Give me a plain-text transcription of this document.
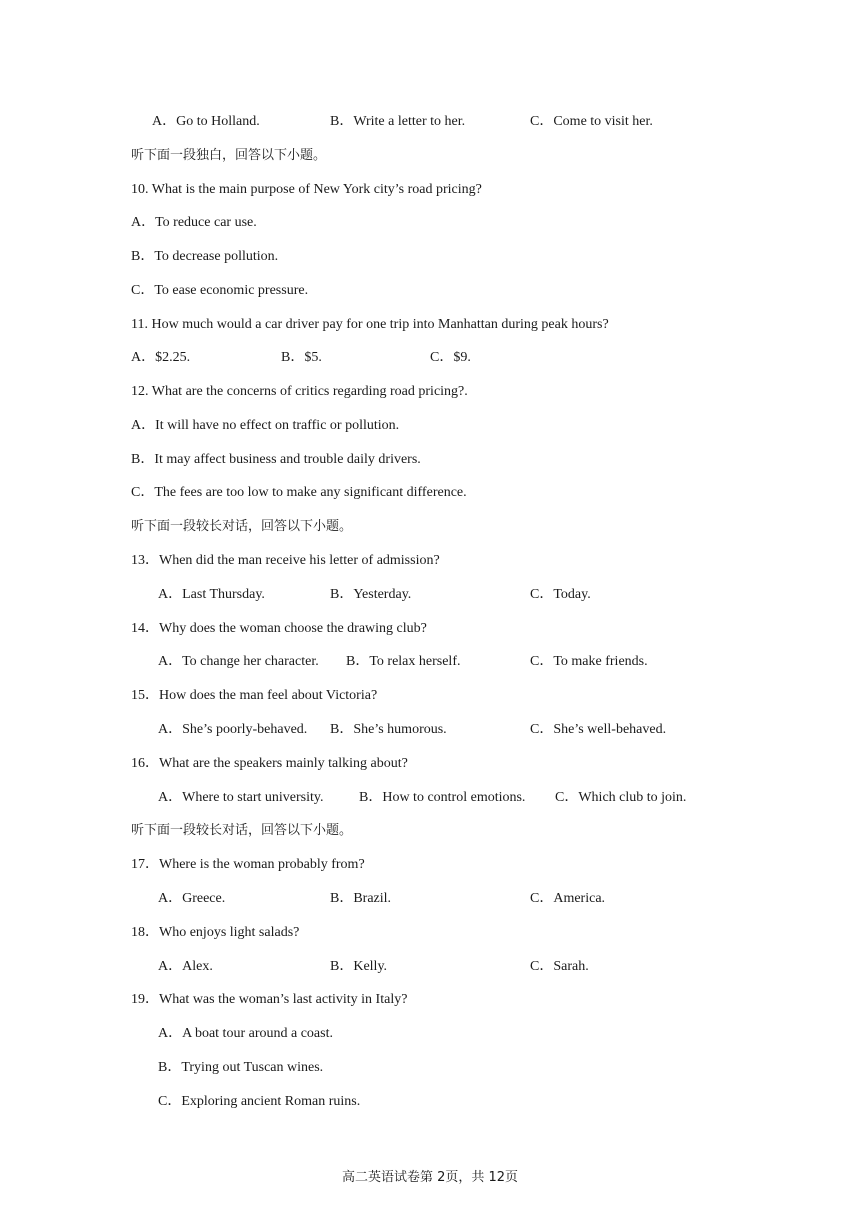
A．Go to Holland.	B．Write a letter to her.	C．Come to visit her.
听下面一段独白，回答以下小题。
10. What is the main purpose of New York city’s road pricing?
A．To reduce car use.
B．To decrease pollution.
C．To ease economic pressure.
11. How much would a car driver pay for one trip into Manhattan during peak hours?
A．$2.25.	B．$5.	C．$9.
12. What are the concerns of critics regarding road pricing?.
A．It will have no effect on traffic or pollution.
B．It may affect business and trouble daily drivers.
C．The fees are too low to make any significant difference.
听下面一段较长对话，回答以下小题。
13．When did the man receive his letter of admission?
A．Last Thursday.	B．Yesterday.	C．Today.
14．Why does the woman choose the drawing club?
A．To change her character. B．To relax herself.	C．To make friends.
15．How does the man feel about Victoria?
A．She’s poorly-behaved. B．She’s humorous.	C．She’s well-behaved.
16．What are the speakers mainly talking about?
A．Where to start university.	B．How to control emotions. C．Which club to join.
听下面一段较长对话，回答以下小题。
17．Where is the woman probably from?
A．Greece.	B．Brazil.	C．America.
18．Who enjoys light salads?
A．Alex.	B．Kelly.	C．Sarah.
19．What was the woman’s last activity in Italy?
A．A boat tour around a coast.
B．Trying out Tuscan wines.
C．Exploring ancient Roman ruins.
高二英语试卷第 2页，共 12页
